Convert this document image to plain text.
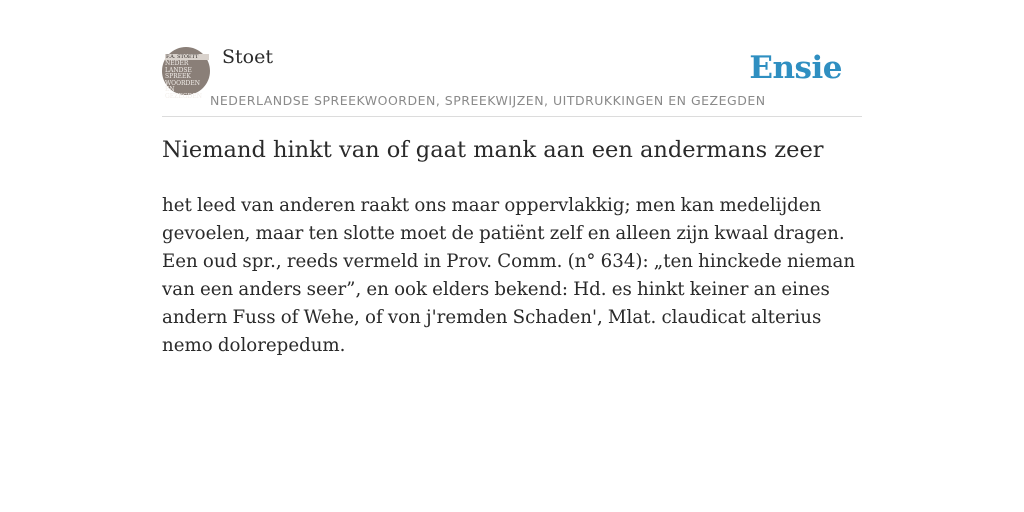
F.A. STOETT
NEDER LANDSE SPREEK WOORDEN EN GEZEGDEN
Stoet	Ensie
NEDERLANDSE SPREEKWOORDEN, SPREEKWIJZEN, UITDRUKKINGEN EN GEZEGDEN
Niemand hinkt van of gaat mank aan een andermans zeer

het leed van anderen raakt ons maar oppervlakkig; men kan medelijden gevoelen, maar ten slotte moet de patiënt zelf en alleen zijn kwaal dragen. Een oud spr., reeds vermeld in Prov. Comm. (n° 634): „ten hinckede nieman van een anders seer”, en ook elders bekend: Hd. es hinkt keiner an eines andern Fuss of Wehe, of von j'remden Schaden', Mlat. claudicat alterius nemo dolorepedum.
